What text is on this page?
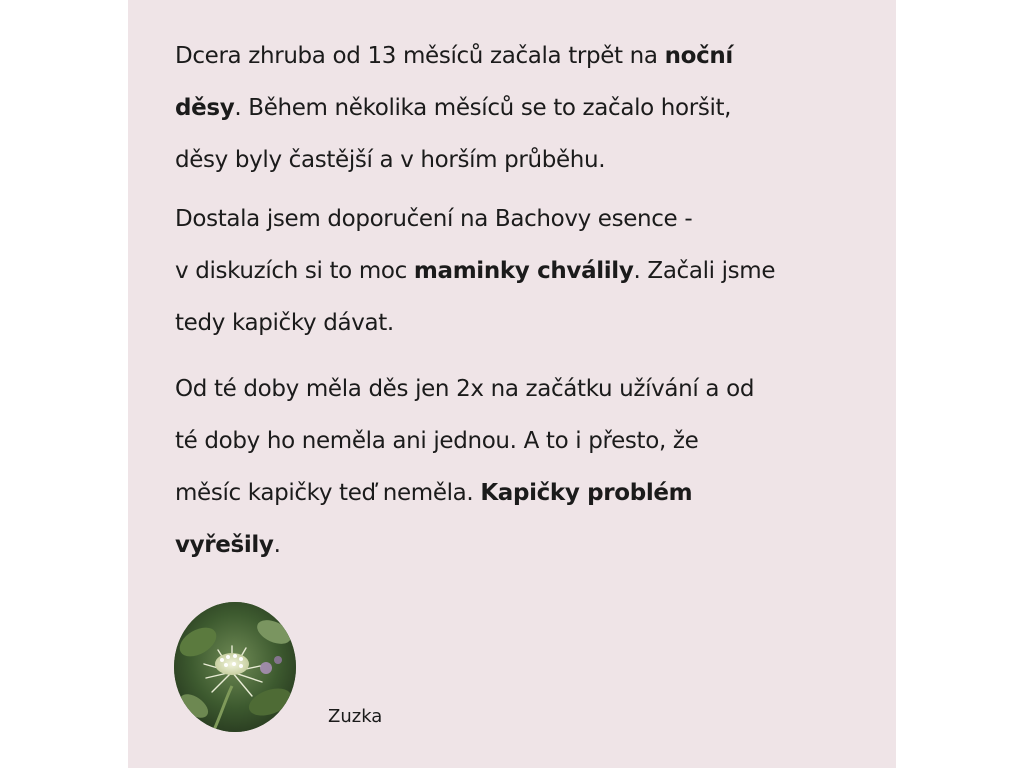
Dcera zhruba od 13 měsíců začala trpět na noční
děsy. Během několika měsíců se to začalo horšit,
děsy byly častější a v horším průběhu.

Dostala jsem doporučení na Bachovy esence -
v diskuzích si to moc maminky chválily. Začali jsme
tedy kapičky dávat.

Od té doby měla děs jen 2x na začátku užívání a od
té doby ho neměla ani jednou. A to i přesto, že
měsíc kapičky teď neměla. Kapičky problém
vyřešily.

Zuzka
